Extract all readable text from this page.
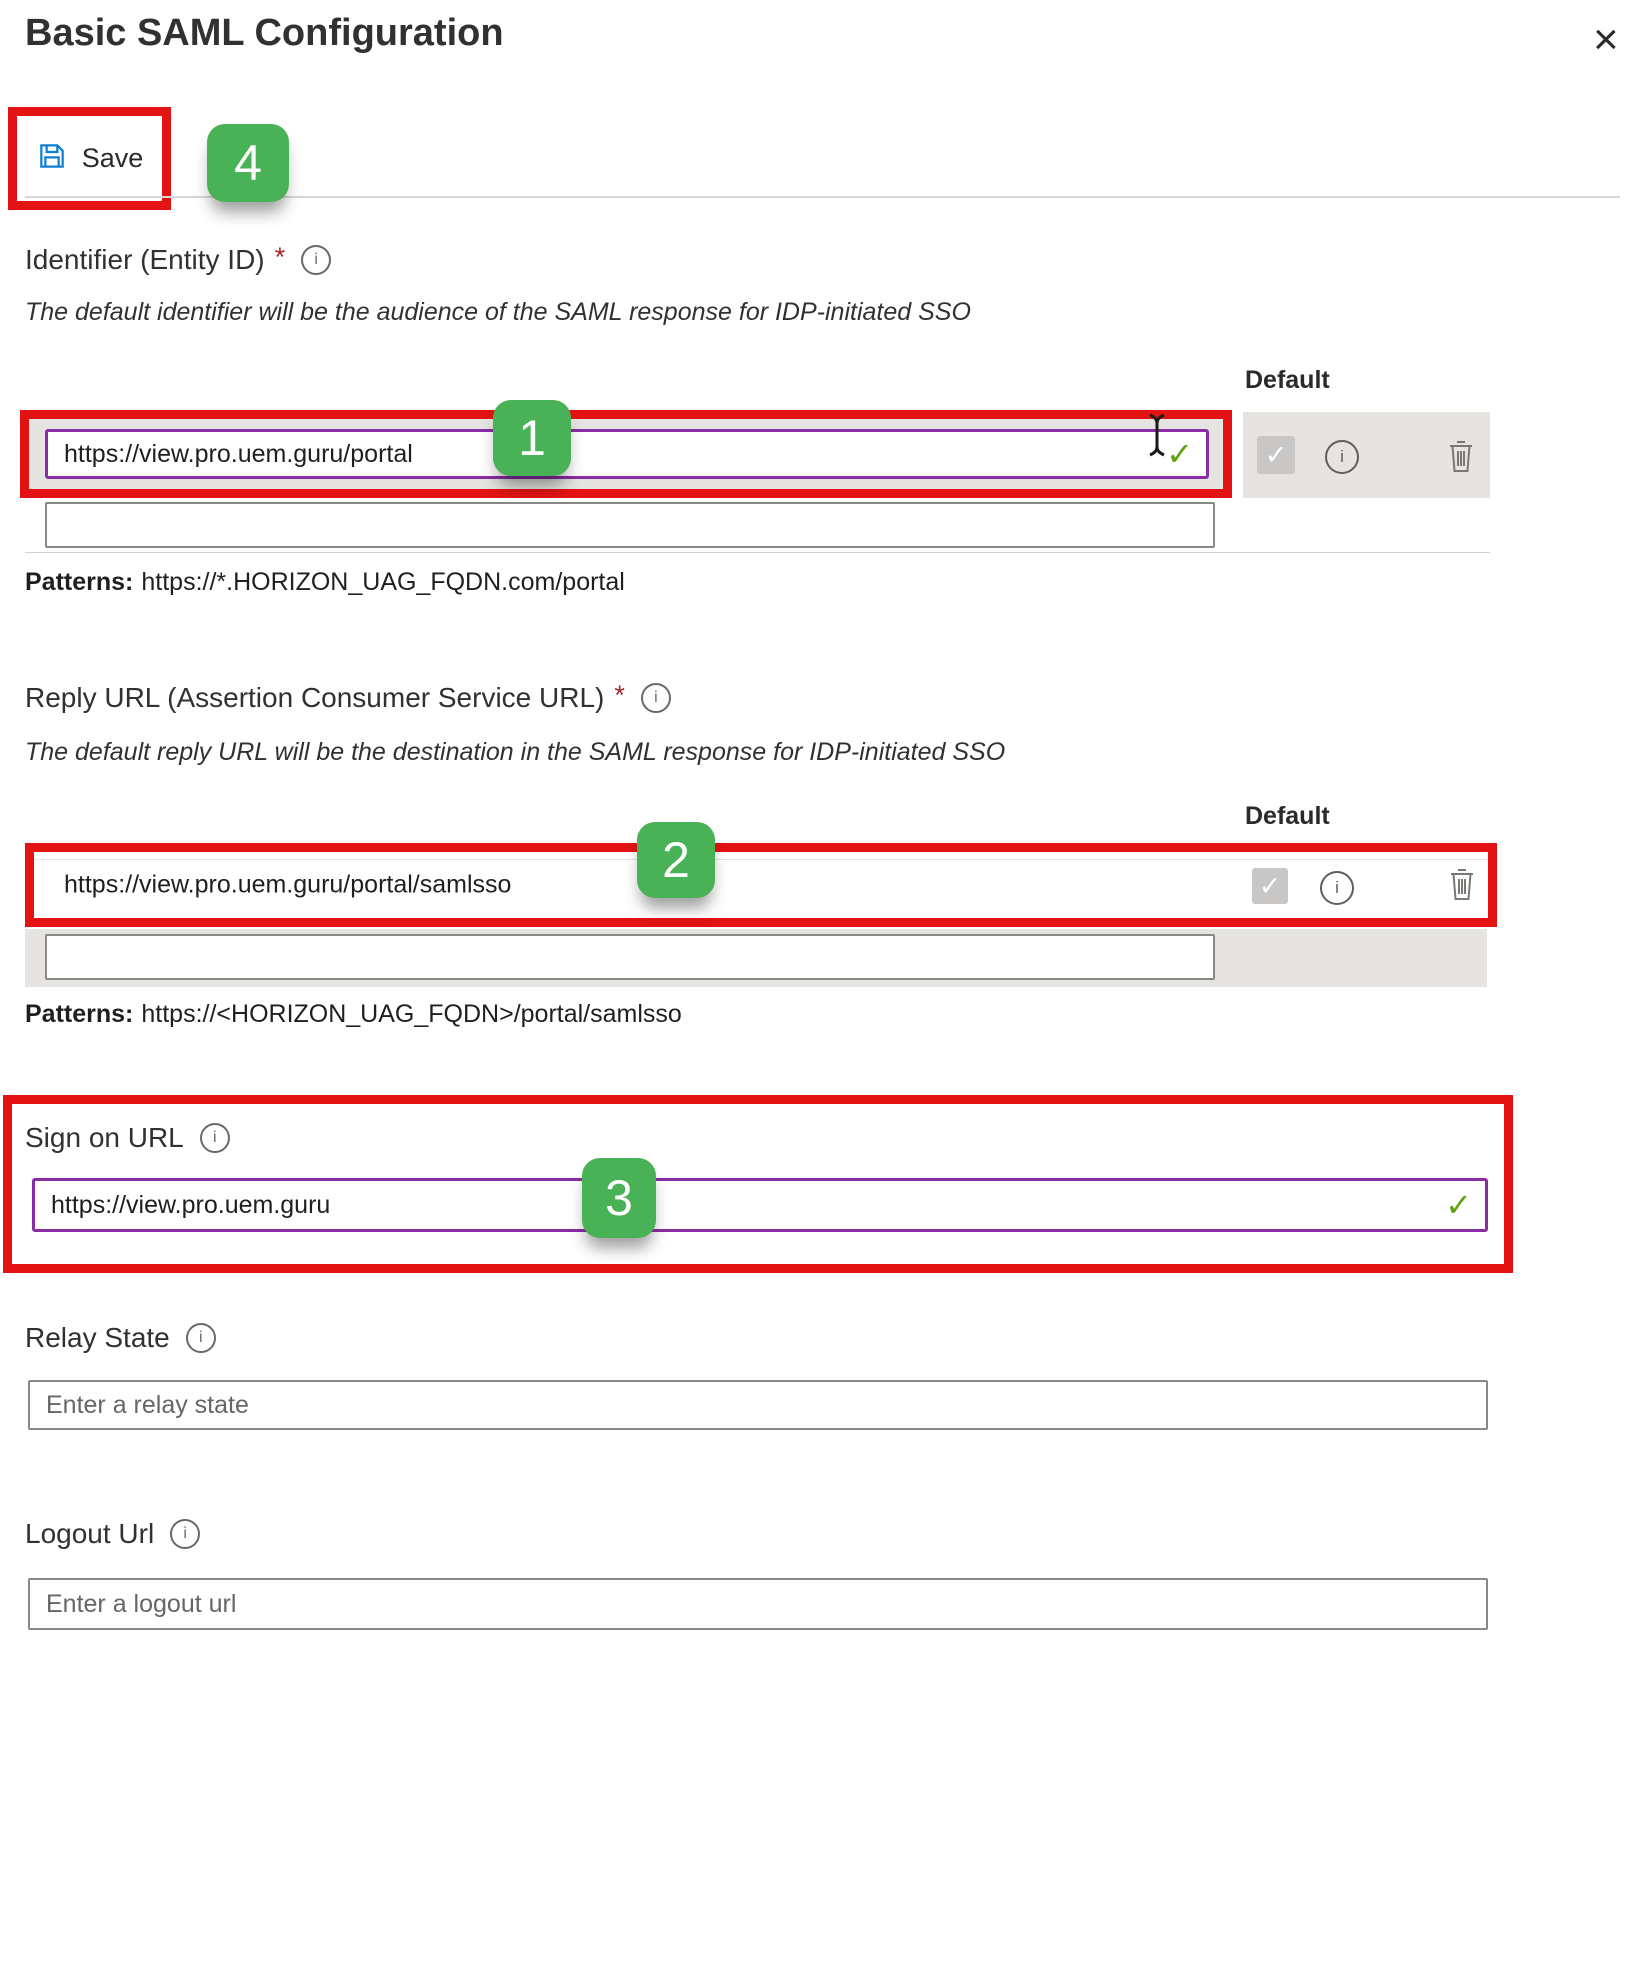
Basic SAML Configuration	×
Save	4
Identifier (Entity ID) *	i
The default identifier will be the audience of the SAML response for IDP-initiated SSO
Default
https://view.pro.uem.guru/portal
✓
1	✓	i
Patterns: https://*.HORIZON_UAG_FQDN.com/portal
Reply URL (Assertion Consumer Service URL) *	i
The default reply URL will be the destination in the SAML response for IDP-initiated SSO
Default
https://view.pro.uem.guru/portal/samlsso	✓	i
2
Patterns: https://<HORIZON_UAG_FQDN>/portal/samlsso
Sign on URL	i
https://view.pro.uem.guru
✓
3
Relay State	i
Enter a relay state
Logout Url	i
Enter a logout url
